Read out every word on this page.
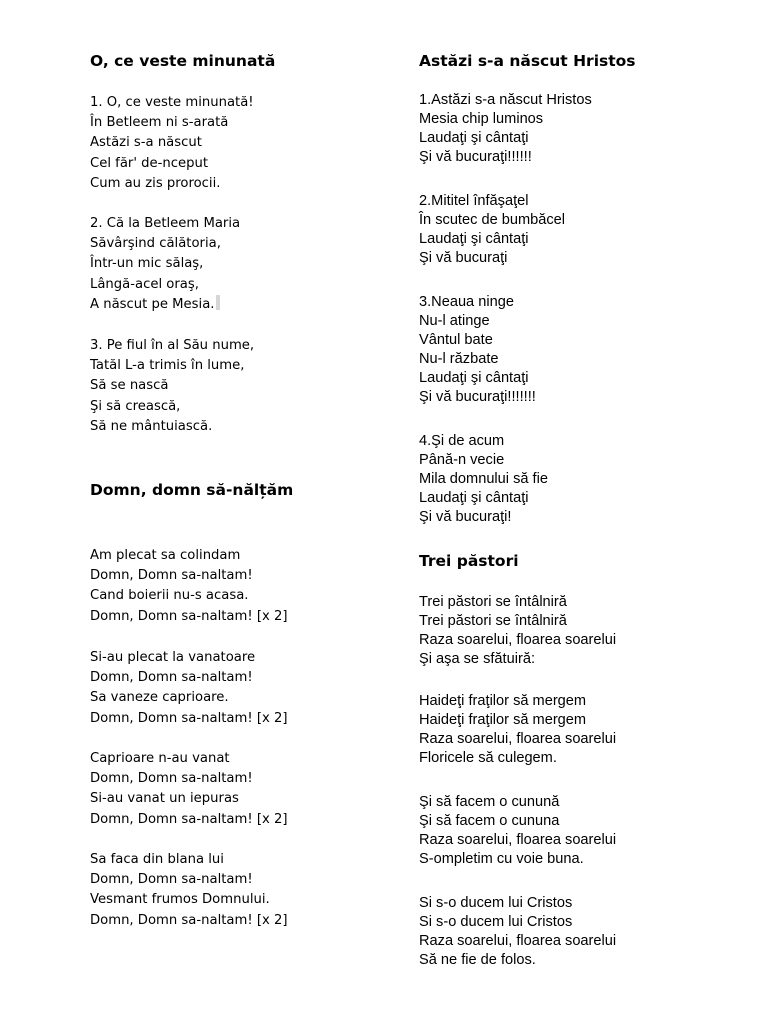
O, ce veste minunată

1. O, ce veste minunată!
În Betleem ni s-arată
Astăzi s-a născut
Cel făr' de-nceput
Cum au zis prorocii.

2. Că la Betleem Maria
Săvârşind călătoria,
Într-un mic sălaş,
Lângă-acel oraş,
A născut pe Mesia.

3. Pe fiul în al Său nume,
Tatăl L-a trimis în lume,
Să se nască
Şi să crească,
Să ne mântuiască.

Domn, domn să-nălțăm

Am plecat sa colindam
Domn, Domn sa-naltam!
Cand boierii nu-s acasa.
Domn, Domn sa-naltam! [x 2]

Si-au plecat la vanatoare
Domn, Domn sa-naltam!
Sa vaneze caprioare.
Domn, Domn sa-naltam! [x 2]

Caprioare n-au vanat
Domn, Domn sa-naltam!
Si-au vanat un iepuras
Domn, Domn sa-naltam! [x 2]

Sa faca din blana lui
Domn, Domn sa-naltam!
Vesmant frumos Domnului.
Domn, Domn sa-naltam! [x 2]

Astăzi s-a născut Hristos

1.Astăzi s-a născut Hristos
Mesia chip luminos
Laudaţi şi cântaţi
Şi vă bucuraţi!!!!!!

2.Mititel înfăşaţel
În scutec de bumbăcel
Laudaţi şi cântaţi
Şi vă bucuraţi

3.Neaua ninge
Nu-l atinge
Vântul bate
Nu-l răzbate
Laudaţi şi cântaţi
Şi vă bucuraţi!!!!!!!

4.Şi de acum
Până-n vecie
Mila domnului să fie
Laudaţi şi cântaţi
Şi vă bucuraţi!

Trei păstori

Trei păstori se întâlniră
Trei păstori se întâlniră
Raza soarelui, floarea soarelui
Şi aşa se sfătuiră:

Haideţi fraţilor să mergem
Haideţi fraţilor să mergem
Raza soarelui, floarea soarelui
Floricele să culegem.

Şi să facem o cunună
Şi să facem o cununa
Raza soarelui, floarea soarelui
S-ompletim cu voie buna.

Si s-o ducem lui Cristos
Si s-o ducem lui Cristos
Raza soarelui, floarea soarelui
Să ne fie de folos.
